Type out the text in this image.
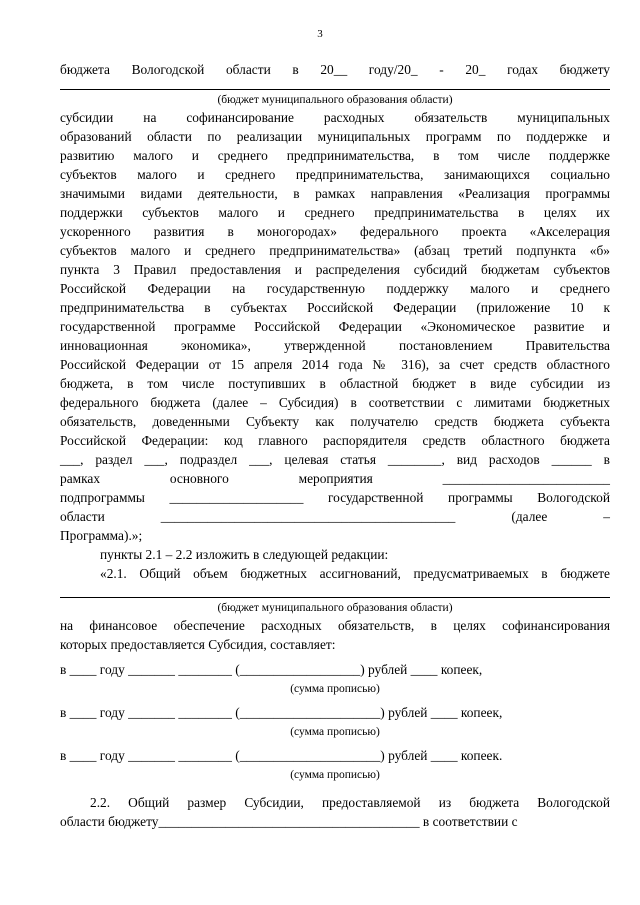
3

бюджета Вологодской области в 20__ году/20_ - 20_ годах бюджету

(бюджет муниципального образования области)

субсидии на софинансирование расходных обязательств муниципальных

образований области по реализации муниципальных программ по поддержке и

развитию малого и среднего предпринимательства, в том числе поддержке

субъектов малого и среднего предпринимательства, занимающихся социально

значимыми видами деятельности, в рамках направления «Реализация программы

поддержки субъектов малого и среднего предпринимательства в целях их

ускоренного развития в моногородах» федерального проекта «Акселерация

субъектов малого и среднего предпринимательства» (абзац третий подпункта «б»

пункта 3 Правил предоставления и распределения субсидий бюджетам субъектов

Российской Федерации на государственную поддержку малого и среднего

предпринимательства в субъектах Российской Федерации (приложение 10 к

государственной программе Российской Федерации «Экономическое развитие и

инновационная экономика», утвержденной постановлением Правительства

Российской Федерации от 15 апреля 2014 года № 316), за счет средств областного

бюджета, в том числе поступивших в областной бюджет в виде субсидии из

федерального бюджета (далее – Субсидия) в соответствии с лимитами бюджетных

обязательств, доведенными Субъекту как получателю средств бюджета субъекта

Российской Федерации: код главного распорядителя средств областного бюджета

___, раздел ___, подраздел ___, целевая статья ________, вид расходов ______ в

рамках основного мероприятия _________________________

подпрограммы ____________________ государственной программы Вологодской

области ____________________________________________ (далее –

Программа).»;

пункты 2.1 – 2.2 изложить в следующей редакции:

«2.1. Общий объем бюджетных ассигнований, предусматриваемых в бюджете

(бюджет муниципального образования области)

на финансовое обеспечение расходных обязательств, в целях софинансирования

которых предоставляется Субсидия, составляет:

в ____ году _______ ________ (__________________) рублей ____ копеек,

(сумма прописью)

в ____ году _______ ________ (_____________________) рублей ____ копеек,

(сумма прописью)

в ____ году _______ ________ (_____________________) рублей ____ копеек.

(сумма прописью)

2.2. Общий размер Субсидии, предоставляемой из бюджета Вологодской

области бюджету_______________________________________ в соответствии с
